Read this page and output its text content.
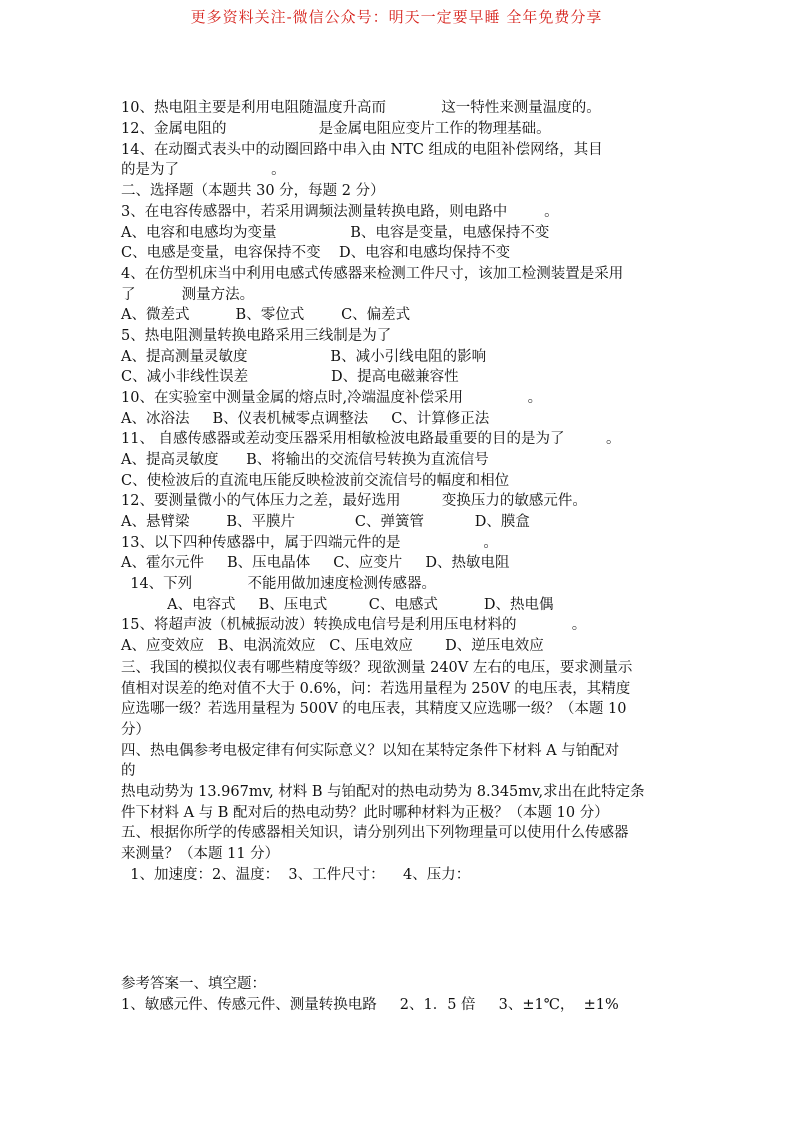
更多资料关注-微信公众号：明天一定要早睡 全年免费分享
10、热电阻主要是利用电阻随温度升高而            这一特性来测量温度的。
12、金属电阻的                    是金属电阻应变片工作的物理基础。
14、在动圈式表头中的动圈回路中串入由 NTC 组成的电阻补偿网络，其目
的是为了                    。
二、选择题（本题共 30 分，每题 2 分）
3、在电容传感器中，若采用调频法测量转换电路，则电路中        。
A、电容和电感均为变量                B、电容是变量，电感保持不变
C、电感是变量，电容保持不变    D、电容和电感均保持不变
4、在仿型机床当中利用电感式传感器来检测工件尺寸，该加工检测装置是采用
了          测量方法。
A、微差式          B、零位式        C、偏差式
5、热电阻测量转换电路采用三线制是为了
A、提高测量灵敏度                  B、减小引线电阻的影响
C、减小非线性误差                  D、提高电磁兼容性
10、在实验室中测量金属的熔点时,冷端温度补偿采用              。
A、冰浴法     B、仪表机械零点调整法     C、计算修正法
11、 自感传感器或差动变压器采用相敏检波电路最重要的目的是为了         。
A、提高灵敏度      B、将输出的交流信号转换为直流信号
C、使检波后的直流电压能反映检波前交流信号的幅度和相位
12、要测量微小的气体压力之差，最好选用         变换压力的敏感元件。
A、悬臂梁        B、平膜片             C、弹簧管           D、膜盒
13、以下四种传感器中，属于四端元件的是                  。
A、霍尔元件     B、压电晶体     C、应变片     D、热敏电阻
14、下列            不能用做加速度检测传感器。
A、电容式     B、压电式         C、电感式          D、热电偶
15、将超声波（机械振动波）转换成电信号是利用压电材料的            。
A、应变效应   B、电涡流效应   C、压电效应       D、逆压电效应
三、我国的模拟仪表有哪些精度等级？现欲测量 240V 左右的电压，要求测量示
值相对误差的绝对值不大于 0.6%，问：若选用量程为 250V 的电压表，其精度
应选哪一级？若选用量程为 500V 的电压表，其精度又应选哪一级？（本题 10
分）
四、热电偶参考电极定律有何实际意义？以知在某特定条件下材料 A 与铂配对
的
热电动势为 13.967mv, 材料 B 与铂配对的热电动势为 8.345mv,求出在此特定条
件下材料 A 与 B 配对后的热电动势？此时哪种材料为正极？（本题 10 分）
五、根据你所学的传感器相关知识，请分别列出下列物理量可以使用什么传感器
来测量？（本题 11 分）
1、加速度：2、温度：  3、工件尺寸：    4、压力：
参考答案一、填空题：
1、敏感元件、传感元件、测量转换电路     2、1．5 倍     3、±1℃，  ±1%
